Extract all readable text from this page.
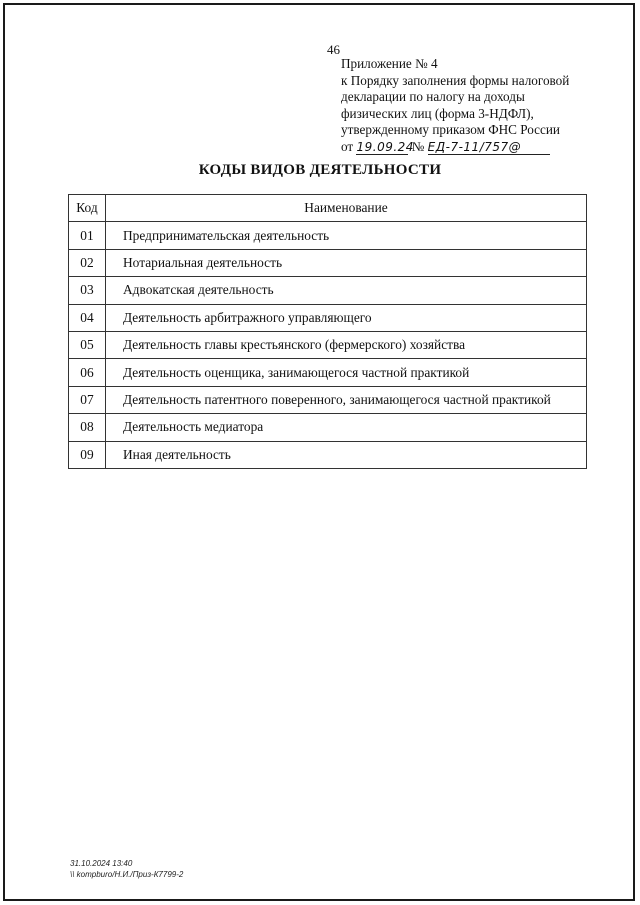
46
Приложение № 4
к Порядку заполнения формы налоговой
декларации по налогу на доходы
физических лиц (форма 3-НДФЛ),
утвержденному приказом ФНС России
от 19.09.24 № ЕД-7-11/757@
КОДЫ ВИДОВ ДЕЯТЕЛЬНОСТИ
Код	Наименование
01	Предпринимательская деятельность
02	Нотариальная деятельность
03	Адвокатская деятельность
04	Деятельность арбитражного управляющего
05	Деятельность главы крестьянского (фермерского) хозяйства
06	Деятельность оценщика, занимающегося частной практикой
07	Деятельность патентного поверенного, занимающегося частной практикой
08	Деятельность медиатора
09	Иная деятельность
31.10.2024 13:40
\\ kompburo/Н.И./Приз-К7799-2
